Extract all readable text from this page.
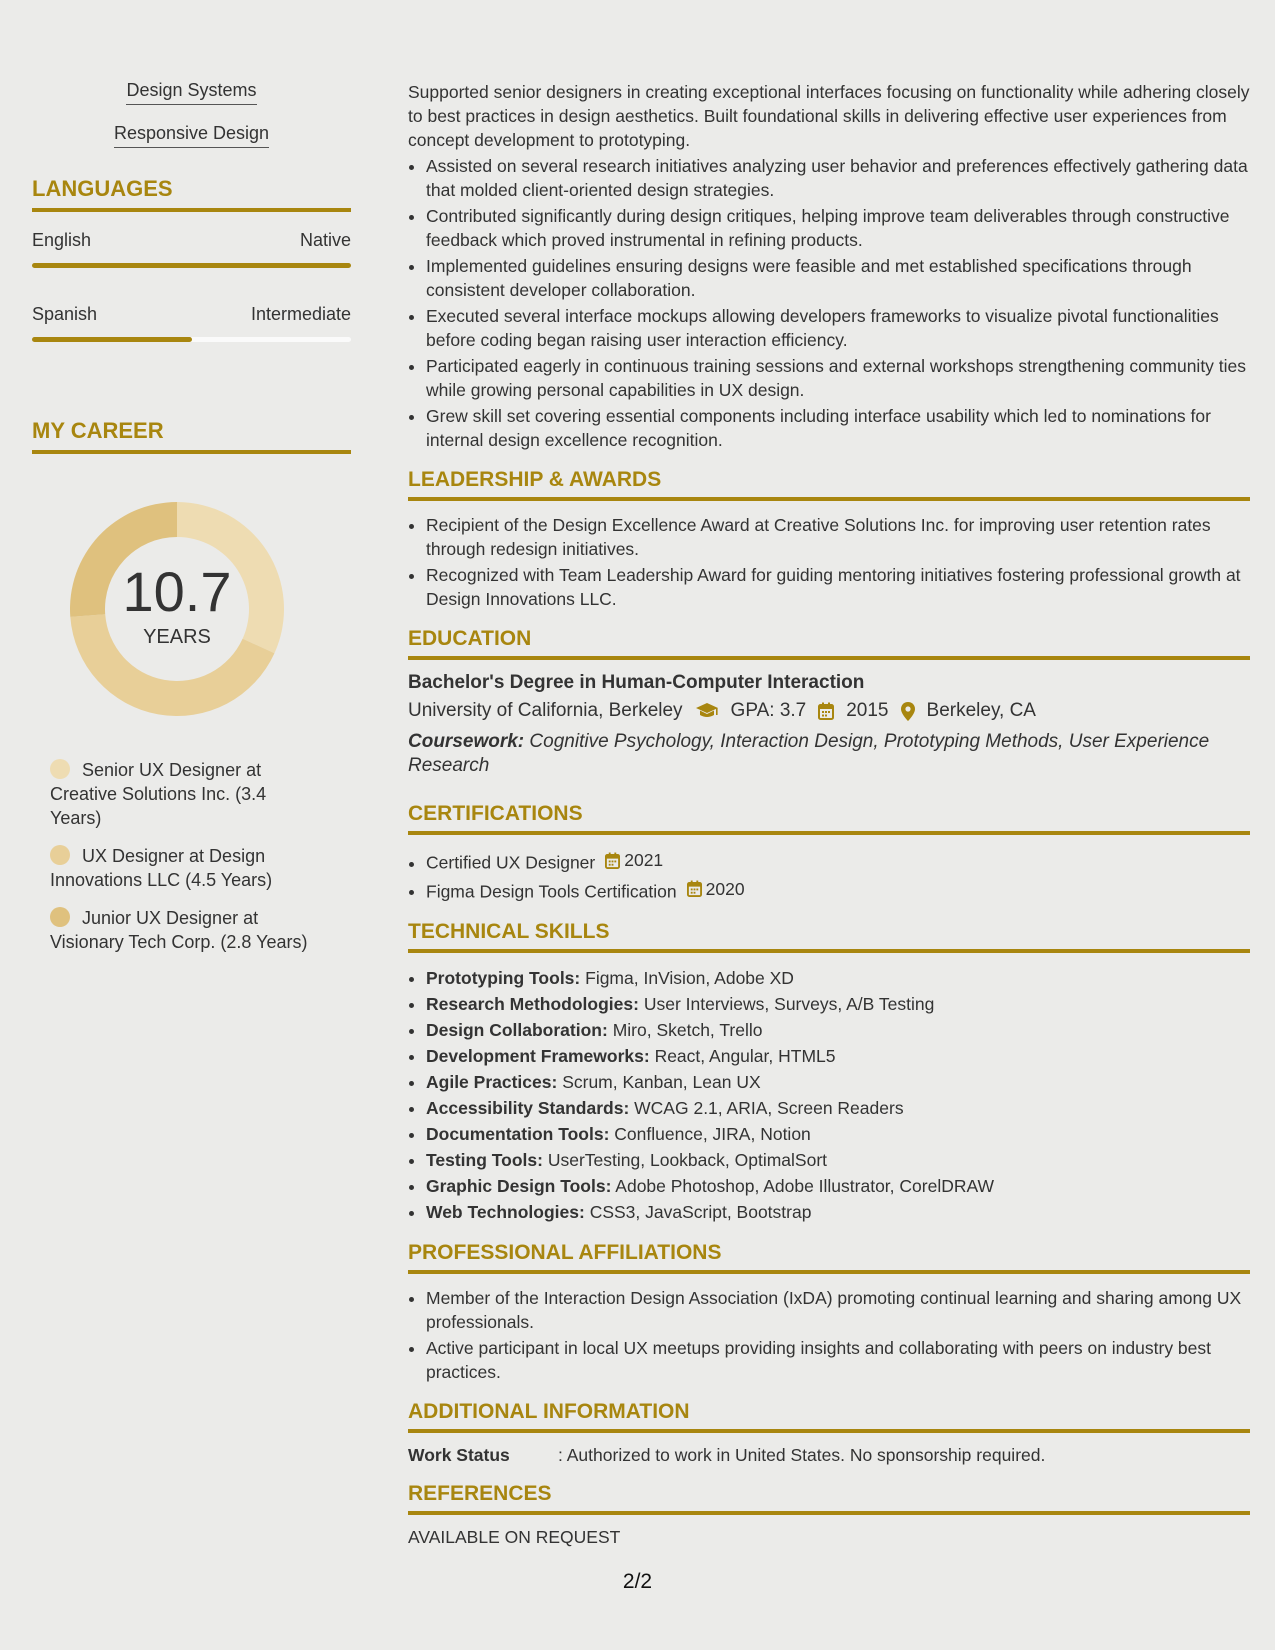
Design Systems
Responsive Design
LANGUAGES
English	Native
Spanish	Intermediate
MY CAREER
10.7
YEARS
Senior UX Designer at Creative Solutions Inc. (3.4 Years)
UX Designer at Design Innovations LLC (4.5 Years)
Junior UX Designer at Visionary Tech Corp. (2.8 Years)

Supported senior designers in creating exceptional interfaces focusing on functionality while adhering closely to best practices in design aesthetics. Built foundational skills in delivering effective user experiences from concept development to prototyping.

• Assisted on several research initiatives analyzing user behavior and preferences effectively gathering data that molded client-oriented design strategies.
• Contributed significantly during design critiques, helping improve team deliverables through constructive feedback which proved instrumental in refining products.
• Implemented guidelines ensuring designs were feasible and met established specifications through consistent developer collaboration.
• Executed several interface mockups allowing developers frameworks to visualize pivotal functionalities before coding began raising user interaction efficiency.
• Participated eagerly in continuous training sessions and external workshops strengthening community ties while growing personal capabilities in UX design.
• Grew skill set covering essential components including interface usability which led to nominations for internal design excellence recognition.
LEADERSHIP & AWARDS
• Recipient of the Design Excellence Award at Creative Solutions Inc. for improving user retention rates through redesign initiatives.
• Recognized with Team Leadership Award for guiding mentoring initiatives fostering professional growth at Design Innovations LLC.
EDUCATION
Bachelor's Degree in Human-Computer Interaction
University of California, Berkeley	GPA: 3.7 2015 Berkeley, CA
Coursework: Cognitive Psychology, Interaction Design, Prototyping Methods, User Experience Research
CERTIFICATIONS
• Certified UX Designer 2021
• Figma Design Tools Certification 2020
TECHNICAL SKILLS
• Prototyping Tools: Figma, InVision, Adobe XD
• Research Methodologies: User Interviews, Surveys, A/B Testing
• Design Collaboration: Miro, Sketch, Trello
• Development Frameworks: React, Angular, HTML5
• Agile Practices: Scrum, Kanban, Lean UX
• Accessibility Standards: WCAG 2.1, ARIA, Screen Readers
• Documentation Tools: Confluence, JIRA, Notion
• Testing Tools: UserTesting, Lookback, OptimalSort
• Graphic Design Tools: Adobe Photoshop, Adobe Illustrator, CorelDRAW
• Web Technologies: CSS3, JavaScript, Bootstrap
PROFESSIONAL AFFILIATIONS
• Member of the Interaction Design Association (IxDA) promoting continual learning and sharing among UX professionals.
• Active participant in local UX meetups providing insights and collaborating with peers on industry best practices.
ADDITIONAL INFORMATION
Work Status	: Authorized to work in United States. No sponsorship required.
REFERENCES
AVAILABLE ON REQUEST
2/2
